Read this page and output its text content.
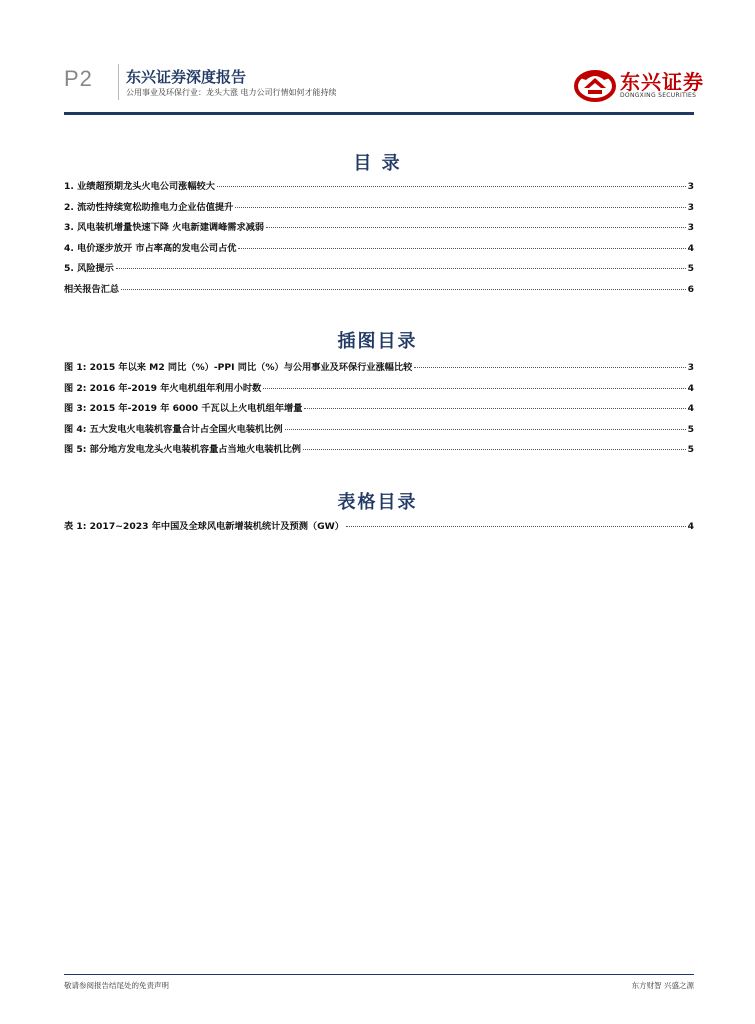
P2 东兴证券深度报告
公用事业及环保行业：龙头大涨 电力公司行情如何才能持续	东兴证券
DONGXING SECURITIES
目 录
1. 业绩超预期龙头火电公司涨幅较大	3
2. 流动性持续宽松助推电力企业估值提升	3
3. 风电装机增量快速下降 火电新建调峰需求减弱	3
4. 电价逐步放开 市占率高的发电公司占优	4
5. 风险提示	5
相关报告汇总	6
插图目录
图 1: 2015 年以来 M2 同比（%）-PPI 同比（%）与公用事业及环保行业涨幅比较	3
图 2: 2016 年-2019 年火电机组年利用小时数	4
图 3: 2015 年-2019 年 6000 千瓦以上火电机组年增量	4
图 4: 五大发电火电装机容量合计占全国火电装机比例	5
图 5: 部分地方发电龙头火电装机容量占当地火电装机比例	5
表格目录
表 1: 2017~2023 年中国及全球风电新增装机统计及预测（GW）	4
敬请参阅报告结尾处的免责声明	东方财智 兴盛之源
